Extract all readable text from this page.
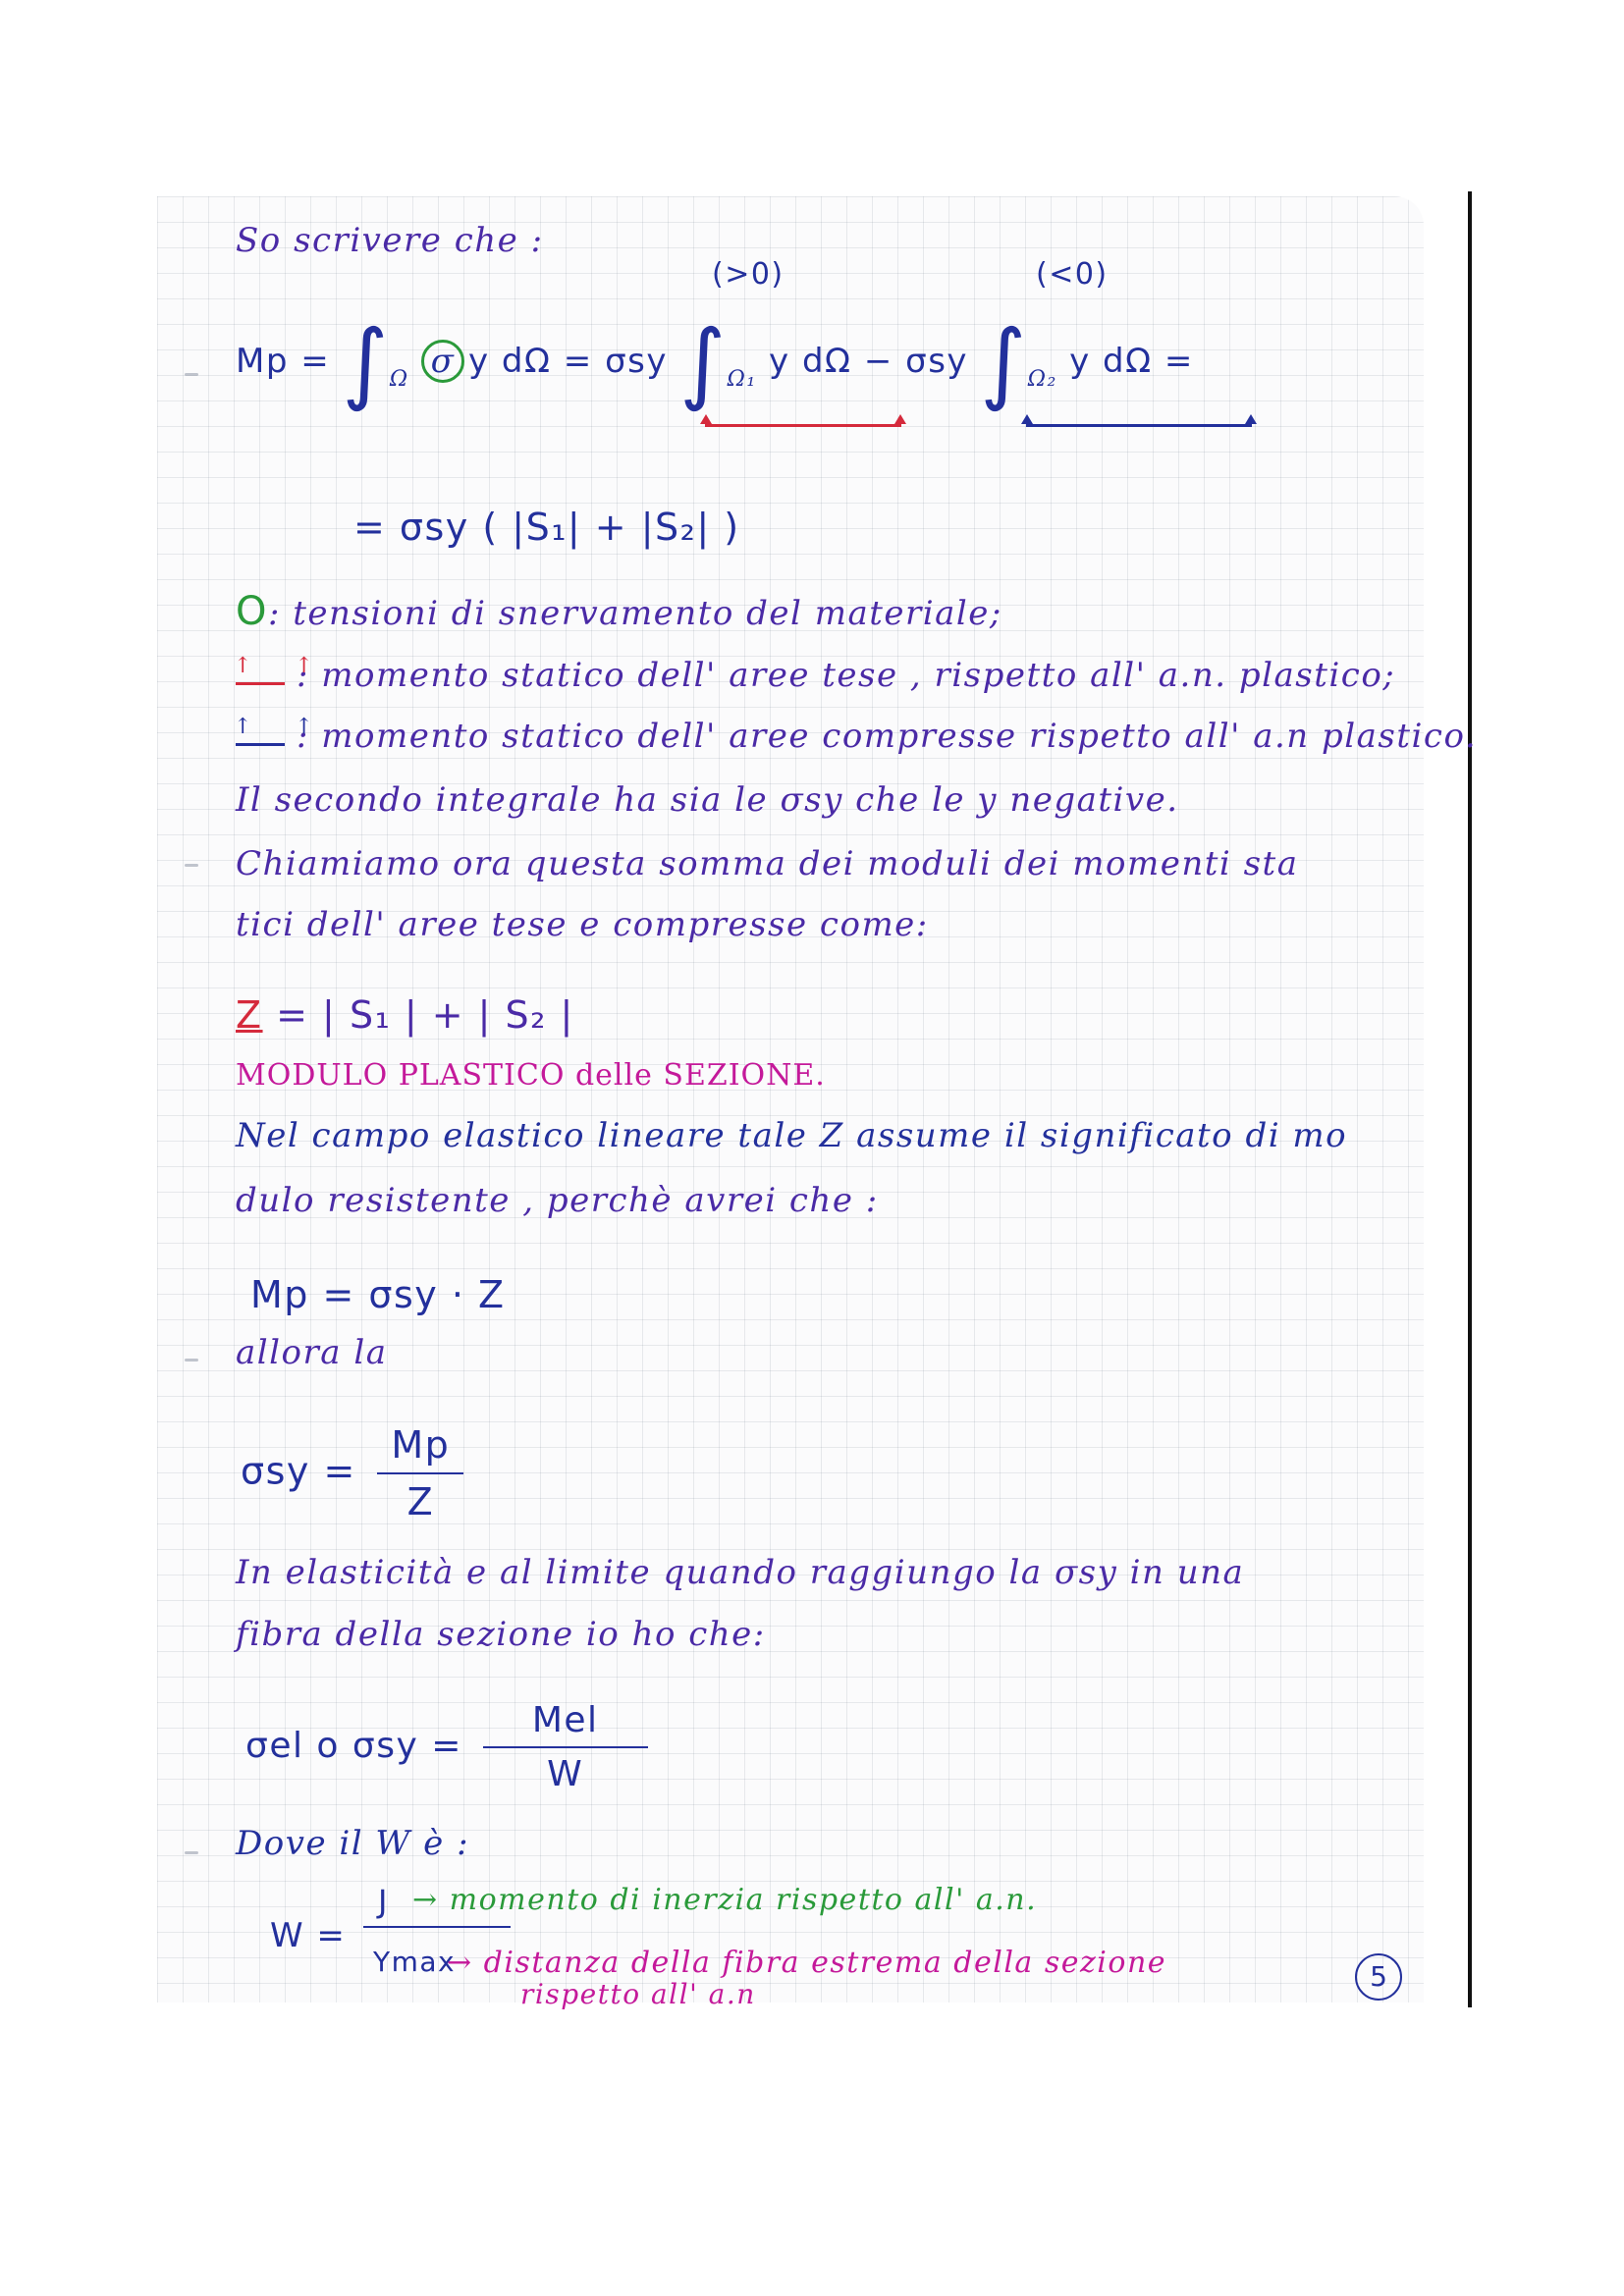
So scrivere che :
(>0)	(<0)
$Mp = \int_\Omega$ σ y dΩ = σsy $\int_{\Omega_1}$ y dΩ − σsy $\int_{\Omega_2}$ y dΩ =
= σsy ( |S₁| + |S₂| )
O: tensioni di snervamento del materiale;
↑ ↑
: momento statico dell' aree tese , rispetto all' a.n. plastico;
↑ ↑
: momento statico dell' aree compresse rispetto all' a.n plastico.
Il secondo integrale ha sia le σsy che le y negative.
Chiamiamo ora questa somma dei moduli dei momenti sta
tici dell' aree tese e compresse come:
Z = | S₁ | + | S₂ |
MODULO PLASTICO delle SEZIONE.
Nel campo elastico lineare tale Z assume il significato di mo
dulo resistente , perchè avrei che :
Mp = σsy · Z
allora la
$\sigma sy = \frac{Mp}{Z}$
In elasticità e al limite quando raggiungo la σsy in una
fibra della sezione io ho che:
σel o $\sigma sy = \frac{\text{Mel}}{W}$
Dove il W è :
W =
J → momento di inerzia rispetto all' a.n.
Ymax
→ distanza della fibra estrema della sezione
rispetto all' a.n
5
